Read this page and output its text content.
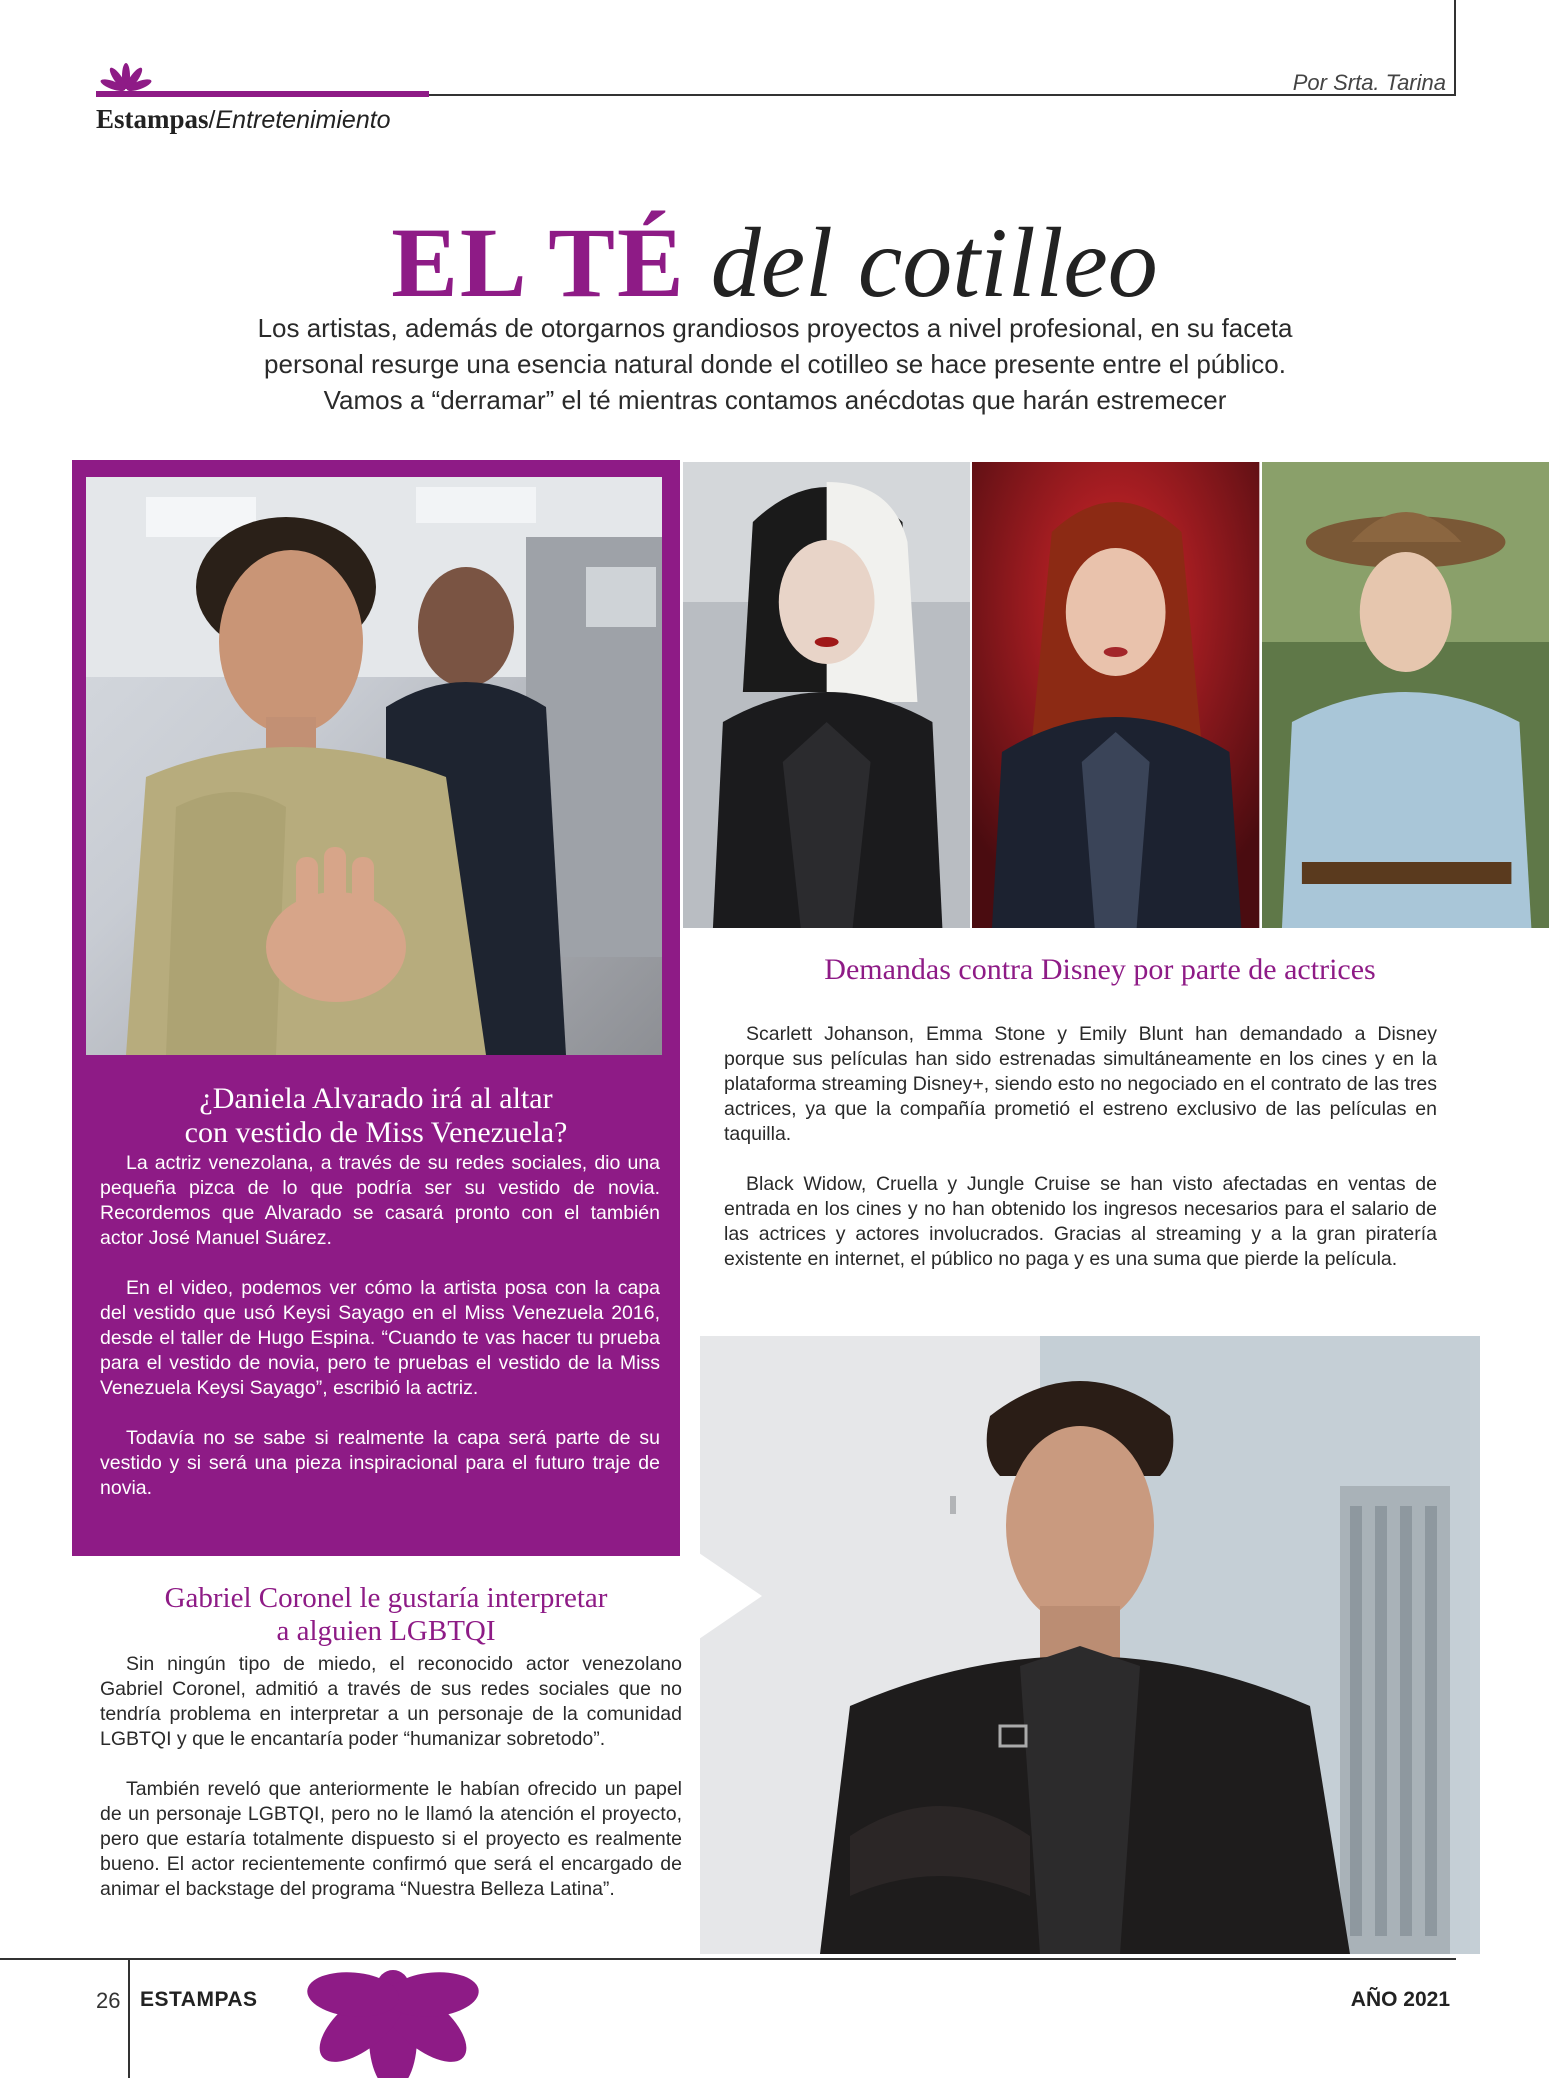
Por Srta. Tarina
Estampas/Entretenimiento
EL TÉ del cotilleo
Los artistas, además de otorgarnos grandiosos proyectos a nivel profesional, en su faceta personal resurge una esencia natural donde el cotilleo se hace presente entre el público. Vamos a “derramar” el té mientras contamos anécdotas que harán estremecer
¿Daniela Alvarado irá al altar
con vestido de Miss Venezuela?

La actriz venezolana, a través de su redes sociales, dio una pequeña pizca de lo que podría ser su vestido de novia. Recordemos que Alvarado se casará pronto con el también actor José Manuel Suárez.

En el video, podemos ver cómo la artista posa con la capa del vestido que usó Keysi Sayago en el Miss Venezuela 2016, desde el taller de Hugo Espina. “Cuando te vas hacer tu prueba para el vestido de novia, pero te pruebas el vestido de la Miss Venezuela Keysi Sayago”, escribió la actriz.

Todavía no se sabe si realmente la capa será parte de su vestido y si será una pieza inspiracional para el futuro traje de novia.

Demandas contra Disney por parte de actrices

Scarlett Johanson, Emma Stone y Emily Blunt han demandado a Disney porque sus películas han sido estrenadas simultáneamente en los cines y en la plataforma streaming Disney+, siendo esto no negociado en el contrato de las tres actrices, ya que la compañía prometió el estreno exclusivo de las películas en taquilla.

Black Widow, Cruella y Jungle Cruise se han visto afectadas en ventas de entrada en los cines y no han obtenido los ingresos necesarios para el salario de las actrices y actores involucrados. Gracias al streaming y a la gran piratería existente en internet, el público no paga y es una suma que pierde la película.

Gabriel Coronel le gustaría interpretar
a alguien LGBTQI

Sin ningún tipo de miedo, el reconocido actor venezolano Gabriel Coronel, admitió a través de sus redes sociales que no tendría problema en interpretar a un personaje de la comunidad LGBTQI y que le encantaría poder “humanizar sobretodo”.

También reveló que anteriormente le habían ofrecido un papel de un personaje LGBTQI, pero no le llamó la atención el proyecto, pero que estaría totalmente dispuesto si el proyecto es realmente bueno. El actor recientemente confirmó que será el encargado de animar el backstage del programa “Nuestra Belleza Latina”.

26 ESTAMPAS	AÑO 2021
